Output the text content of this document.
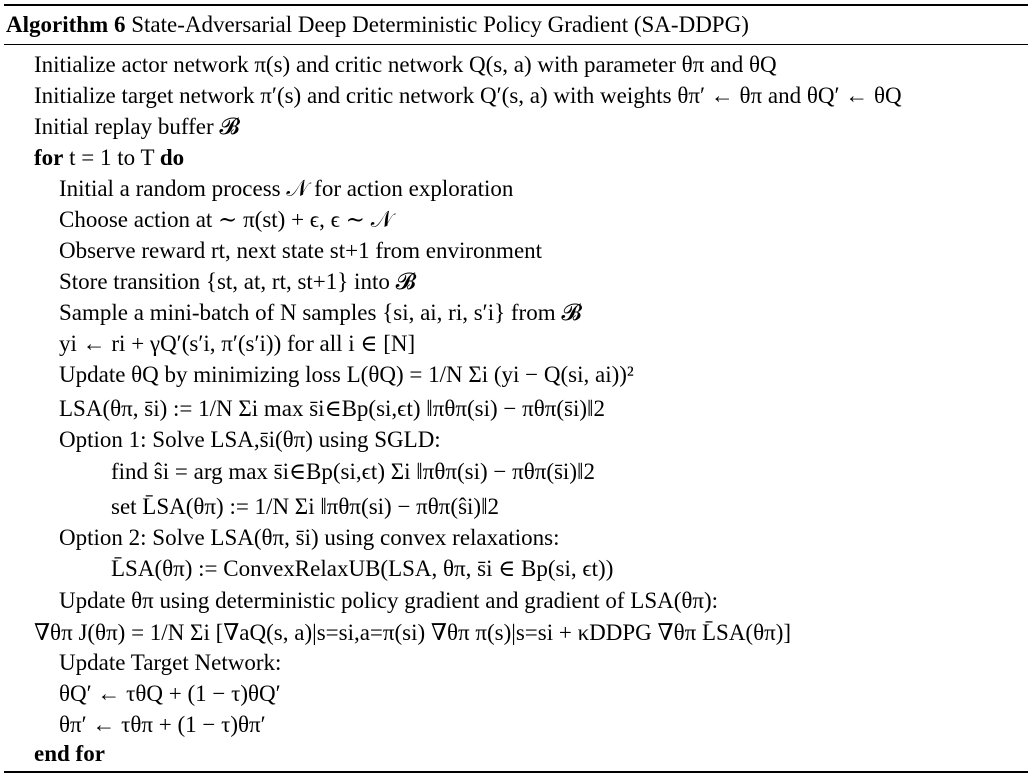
Algorithm 6 State-Adversarial Deep Deterministic Policy Gradient (SA-DDPG)
Initialize actor network π(s) and critic network Q(s, a) with parameter θπ and θQ
Initialize target network π′(s) and critic network Q′(s, a) with weights θπ′ ← θπ and θQ′ ← θQ
Initial replay buffer 𝓑
for t = 1 to T do
Initial a random process 𝒩 for action exploration
Choose action at ∼ π(st) + ϵ, ϵ ∼ 𝒩
Observe reward rt, next state st+1 from environment
Store transition {st, at, rt, st+1} into 𝓑
Sample a mini-batch of N samples {si, ai, ri, s′i} from 𝓑
yi ← ri + γQ′(s′i, π′(s′i)) for all i ∈ [N]
Update θQ by minimizing loss L(θQ) = 1/N Σi (yi − Q(si, ai))²
LSA(θπ, s̄i) := 1/N Σi max s̄i∈Bp(si,ϵt) ‖πθπ(si) − πθπ(s̄i)‖2
Option 1: Solve LSA,s̄i(θπ) using SGLD:
find ŝi = arg max s̄i∈Bp(si,ϵt) Σi ‖πθπ(si) − πθπ(s̄i)‖2
set L̄SA(θπ) := 1/N Σi ‖πθπ(si) − πθπ(ŝi)‖2
Option 2: Solve LSA(θπ, s̄i) using convex relaxations:
L̄SA(θπ) := ConvexRelaxUB(LSA, θπ, s̄i ∈ Bp(si, ϵt))
Update θπ using deterministic policy gradient and gradient of LSA(θπ):
∇θπ J(θπ) = 1/N Σi [∇aQ(s, a)|s=si,a=π(si) ∇θπ π(s)|s=si + κDDPG ∇θπ L̄SA(θπ)]
Update Target Network:
θQ′ ← τθQ + (1 − τ)θQ′
θπ′ ← τθπ + (1 − τ)θπ′
end for
